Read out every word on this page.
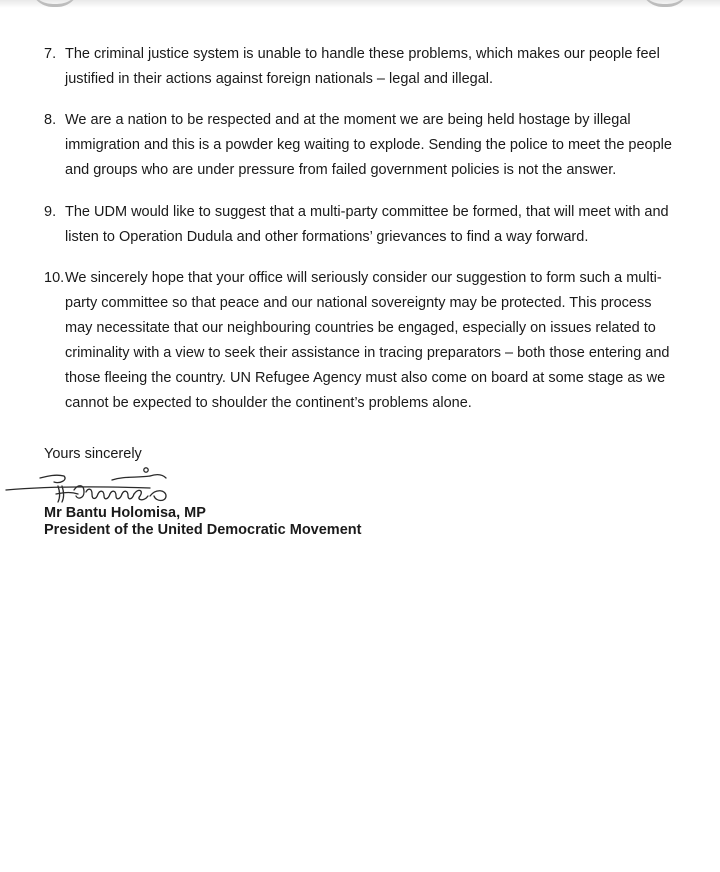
7. The criminal justice system is unable to handle these problems, which makes our people feel
justified in their actions against foreign nationals – legal and illegal.

8. We are a nation to be respected and at the moment we are being held hostage by illegal
immigration and this is a powder keg waiting to explode. Sending the police to meet the people
and groups who are under pressure from failed government policies is not the answer.

9. The UDM would like to suggest that a multi-party committee be formed, that will meet with and
listen to Operation Dudula and other formations’ grievances to find a way forward.

10. We sincerely hope that your office will seriously consider our suggestion to form such a multi-
party committee so that peace and our national sovereignty may be protected. This process
may necessitate that our neighbouring countries be engaged, especially on issues related to
criminality with a view to seek their assistance in tracing preparators – both those entering and
those fleeing the country. UN Refugee Agency must also come on board at some stage as we
cannot be expected to shoulder the continent’s problems alone.

Yours sincerely
Mr Bantu Holomisa, MP
President of the United Democratic Movement
